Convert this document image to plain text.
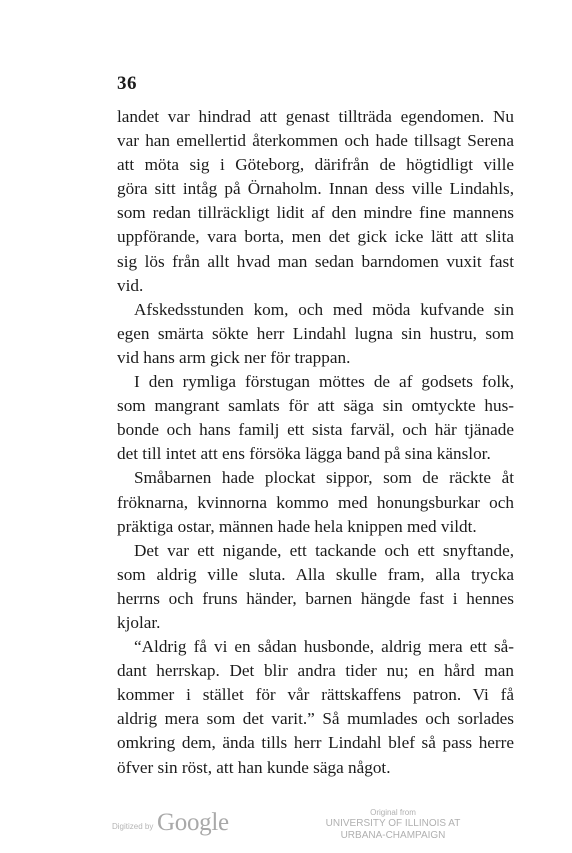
36
landet var hindrad att genast tillträda egendomen. Nu
var han emellertid återkommen och hade tillsagt Serena
att möta sig i Göteborg, därifrån de högtidligt ville
göra sitt intåg på Örnaholm. Innan dess ville Lindahls,
som redan tillräckligt lidit af den mindre fine mannens
uppförande, vara borta, men det gick icke lätt att slita
sig lös från allt hvad man sedan barndomen vuxit fast
vid.
Afskedsstunden kom, och med möda kufvande sin
egen smärta sökte herr Lindahl lugna sin hustru, som
vid hans arm gick ner för trappan.
I den rymliga förstugan möttes de af godsets folk,
som mangrant samlats för att säga sin omtyckte hus-
bonde och hans familj ett sista farväl, och här tjänade
det till intet att ens försöka lägga band på sina känslor.
Småbarnen hade plockat sippor, som de räckte åt
fröknarna, kvinnorna kommo med honungsburkar och
präktiga ostar, männen hade hela knippen med vildt.
Det var ett nigande, ett tackande och ett snyftande,
som aldrig ville sluta. Alla skulle fram, alla trycka
herrns och fruns händer, barnen hängde fast i hennes
kjolar.
“Aldrig få vi en sådan husbonde, aldrig mera ett så-
dant herrskap. Det blir andra tider nu; en hård man
kommer i stället för vår rättskaffens patron. Vi få
aldrig mera som det varit.” Så mumlades och sorlades
omkring dem, ända tills herr Lindahl blef så pass herre
öfver sin röst, att han kunde säga något.
Digitized by Google	Original from
UNIVERSITY OF ILLINOIS AT
URBANA-CHAMPAIGN
